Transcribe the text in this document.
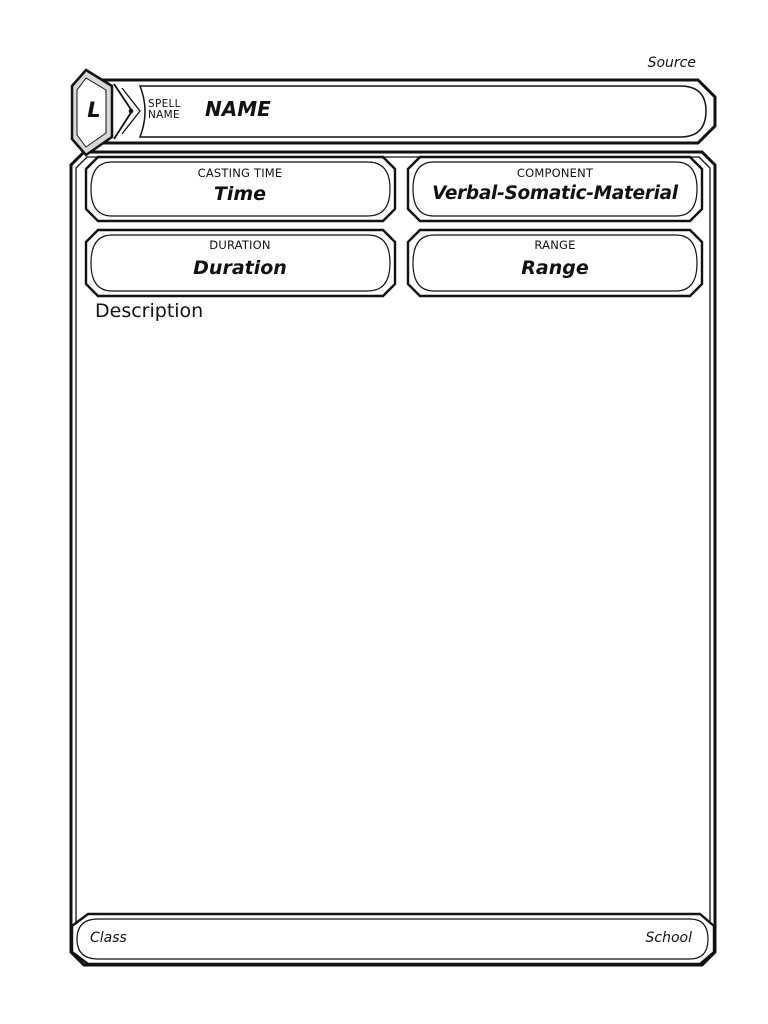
Source
L	SPELL
NAME NAME
CASTING TIME
Time
COMPONENT
Verbal-Somatic-Material
DURATION
Duration
RANGE
Range
Description
Class	School
